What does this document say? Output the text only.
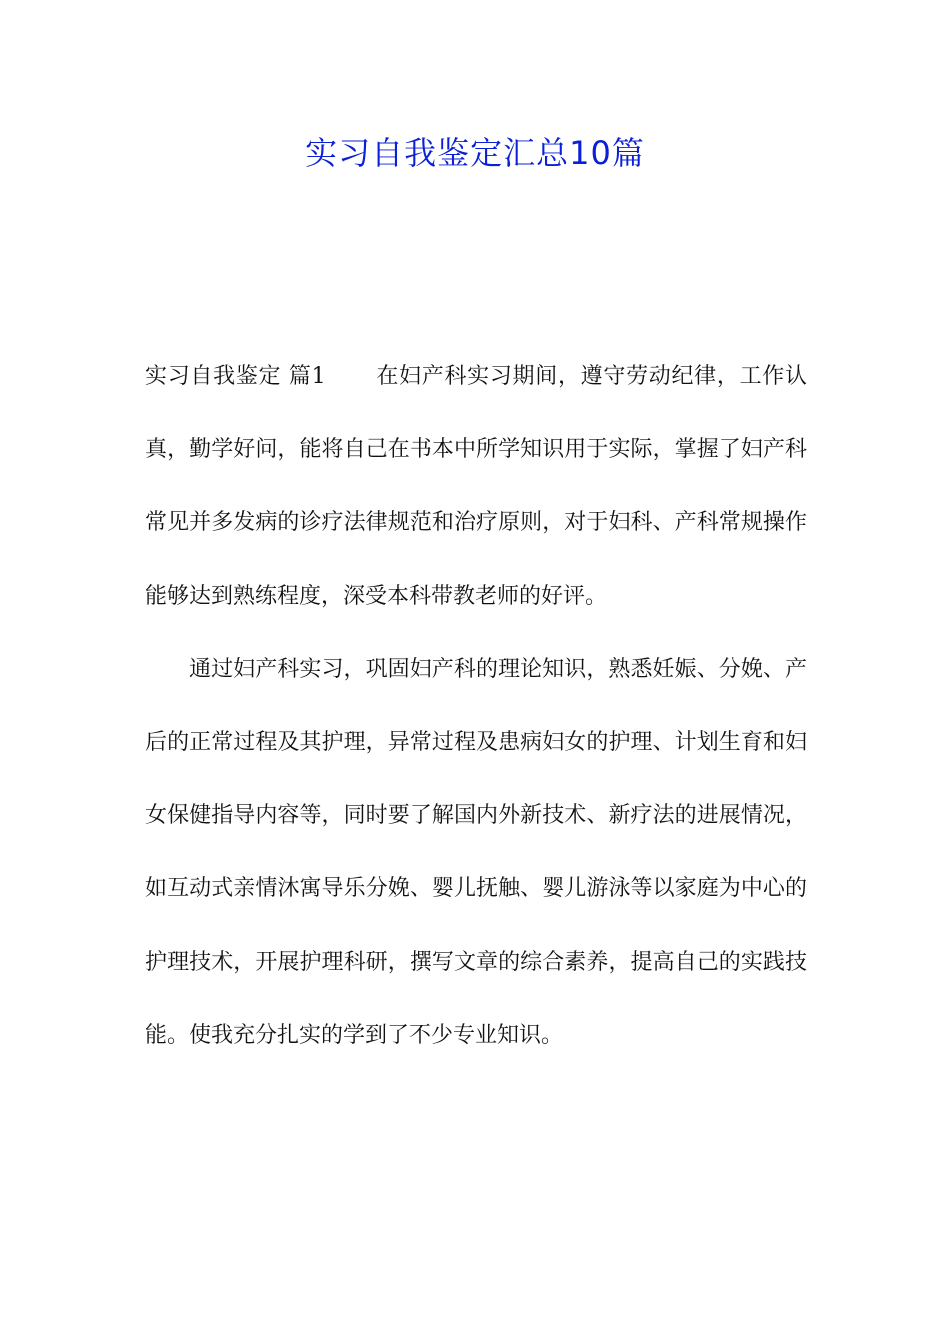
实习自我鉴定汇总10篇

实习自我鉴定 篇1 在妇产科实习期间，遵守劳动纪律，工作认真，勤学好问，能将自己在书本中所学知识用于实际，掌握了妇产科常见并多发病的诊疗法律规范和治疗原则，对于妇科、产科常规操作能够达到熟练程度，深受本科带教老师的好评。

通过妇产科实习，巩固妇产科的理论知识，熟悉妊娠、分娩、产后的正常过程及其护理，异常过程及患病妇女的护理、计划生育和妇女保健指导内容等，同时要了解国内外新技术、新疗法的进展情况，如互动式亲情沐寓导乐分娩、婴儿抚触、婴儿游泳等以家庭为中心的护理技术，开展护理科研，撰写文章的综合素养，提高自己的实践技能。使我充分扎实的学到了不少专业知识。
